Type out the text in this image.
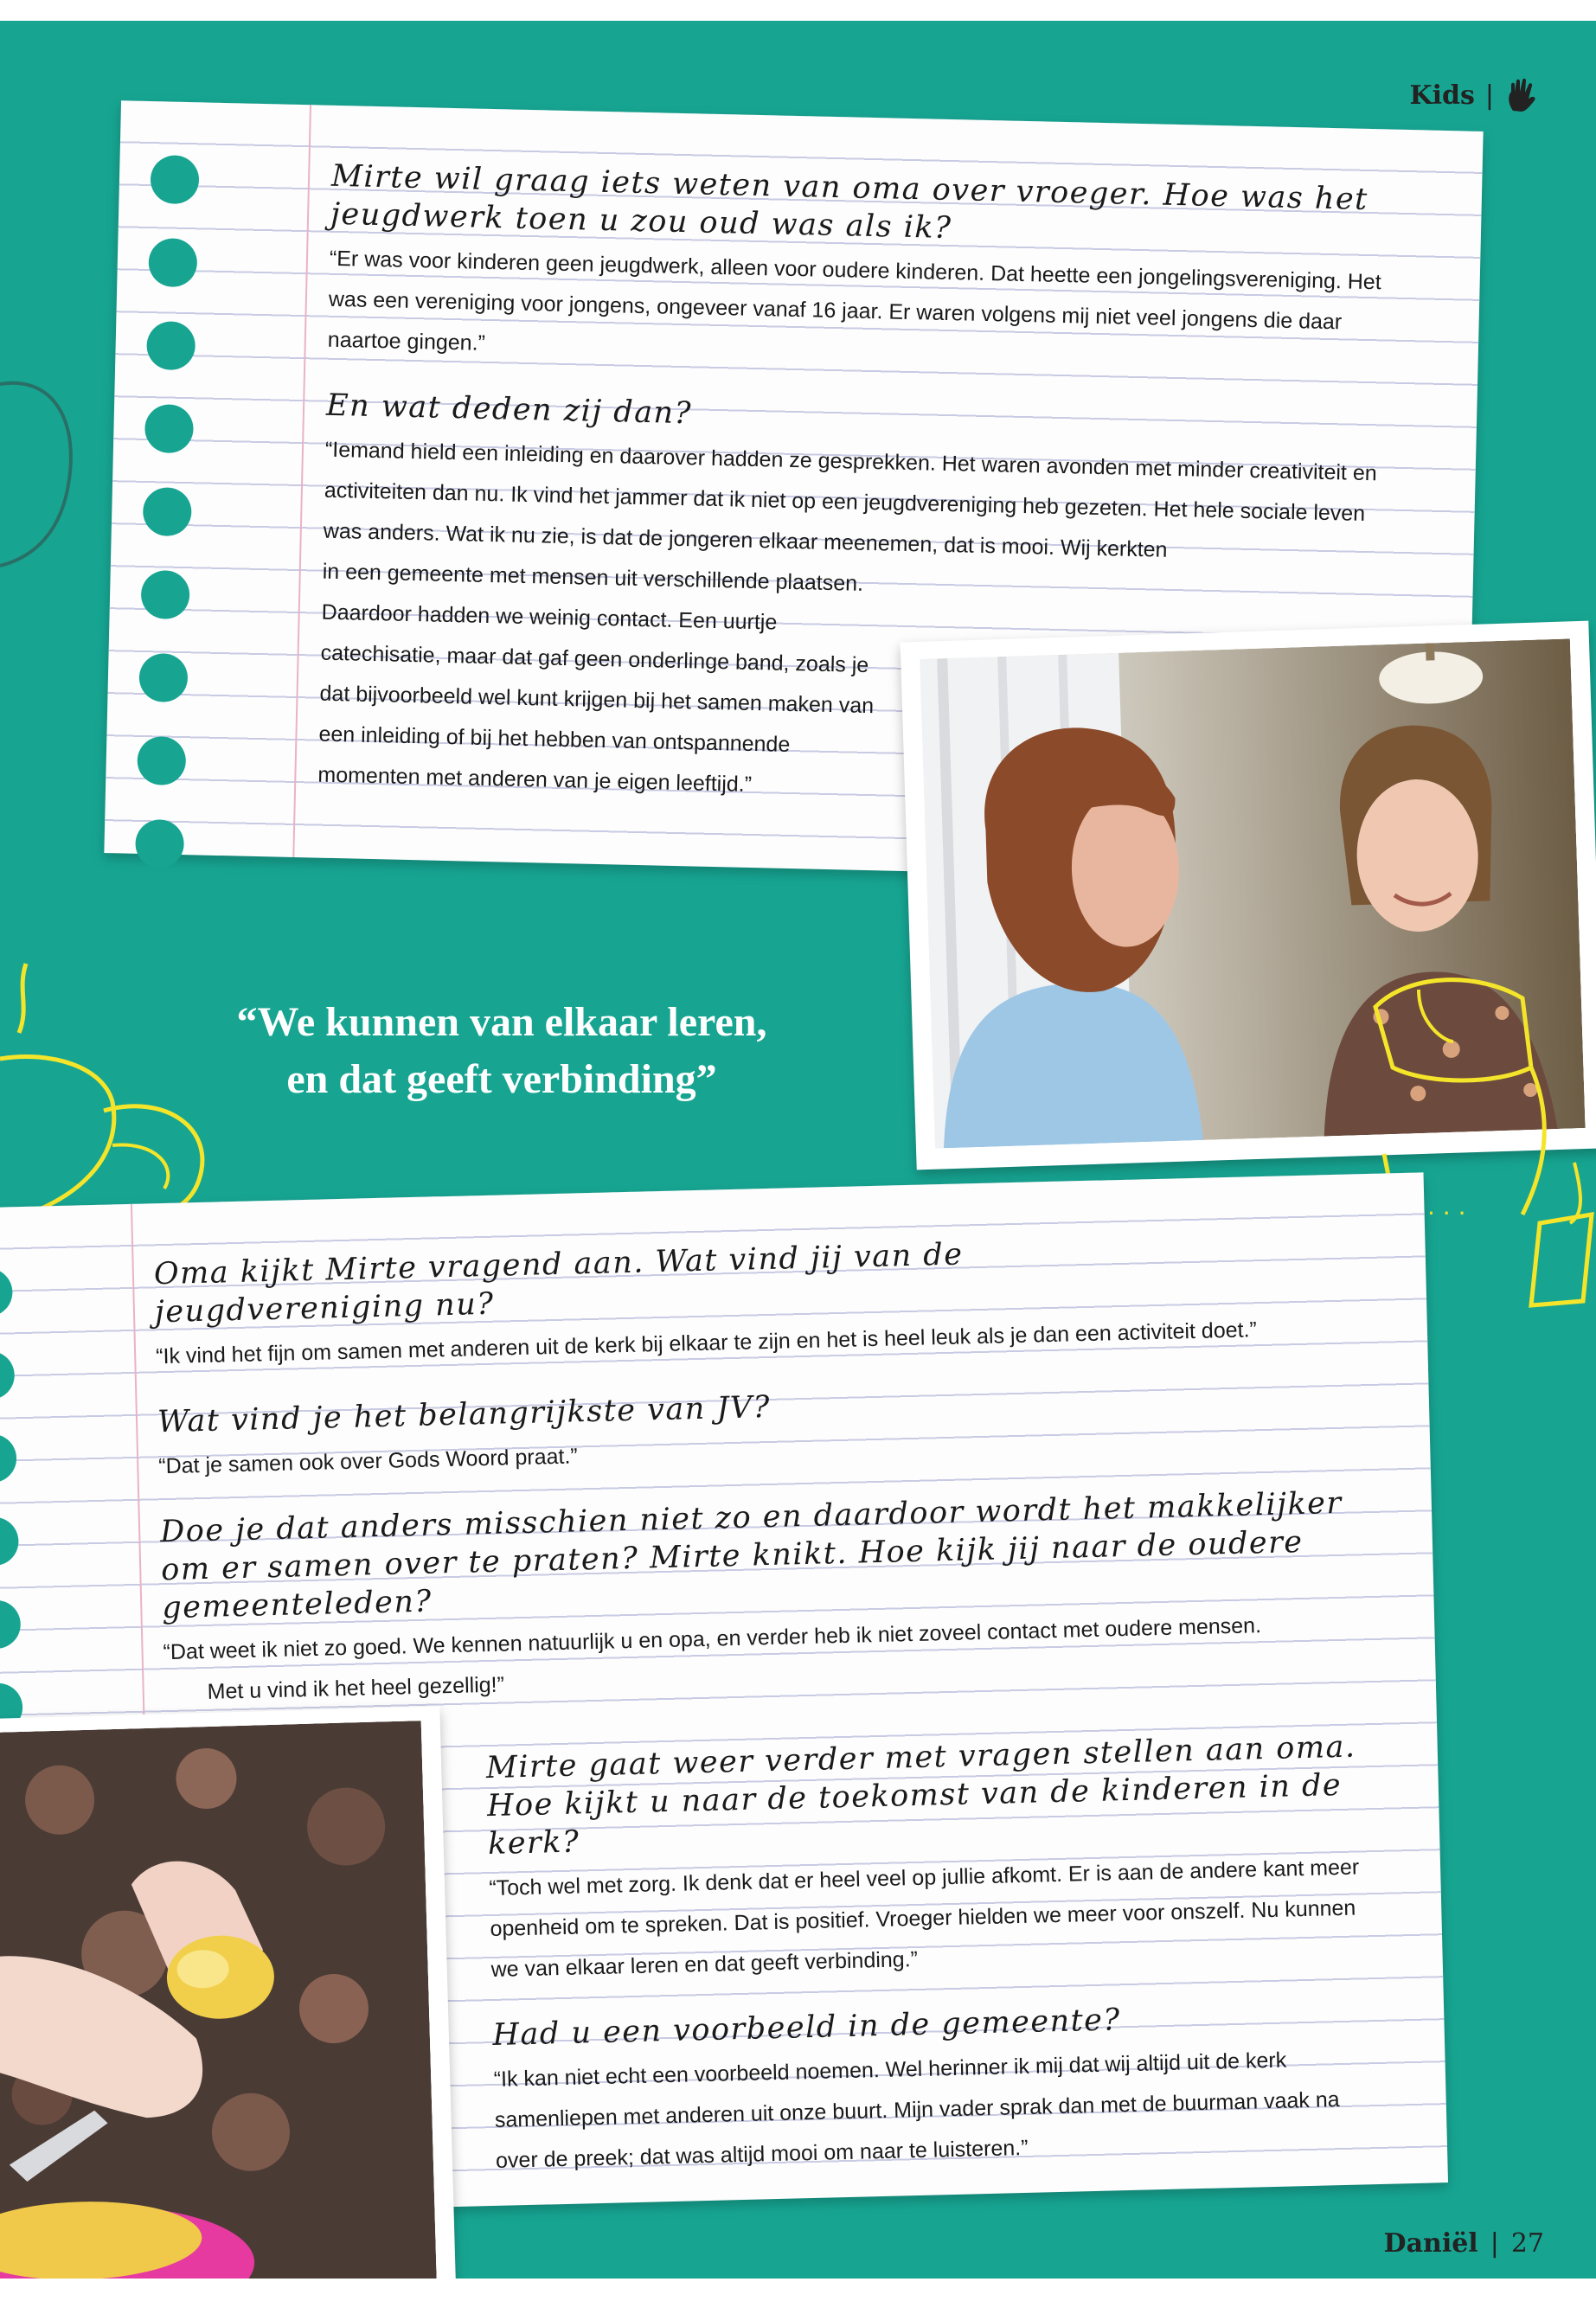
Mirte wil graag iets weten van oma over vroeger. Hoe was het jeugdwerk toen u zou oud was als ik?

“Er was voor kinderen geen jeugdwerk, alleen voor oudere kinderen. Dat heette een jongelingsvereniging. Het was een vereniging voor jongens, ongeveer vanaf 16 jaar. Er waren volgens mij niet veel jongens die daar naartoe gingen.”

En wat deden zij dan?

“Iemand hield een inleiding en daarover hadden ze gesprekken. Het waren avonden met minder creativiteit en activiteiten dan nu. Ik vind het jammer dat ik niet op een jeugdvereniging heb gezeten. Het hele sociale leven was anders. Wat ik nu zie, is dat de jongeren elkaar meenemen, dat is mooi. Wij kerkten

in een gemeente met mensen uit verschillende plaatsen. Daardoor hadden we weinig contact. Een uurtje catechisatie, maar dat gaf geen onderlinge band, zoals je dat bijvoorbeeld wel kunt krijgen bij het samen maken van een inleiding of bij het hebben van ontspannende momenten met anderen van je eigen leeftijd.”

. . .
“We kunnen van elkaar leren,
en dat geeft verbinding”

Oma kijkt Mirte vragend aan. Wat vind jij van de jeugdvereniging nu?

“Ik vind het fijn om samen met anderen uit de kerk bij elkaar te zijn en het is heel leuk als je dan een activiteit doet.”

Wat vind je het belangrijkste van JV?

“Dat je samen ook over Gods Woord praat.”

Doe je dat anders misschien niet zo en daardoor wordt het makkelijker om er samen over te praten? Mirte knikt. Hoe kijk jij naar de oudere gemeenteleden?

“Dat weet ik niet zo goed. We kennen natuurlijk u en opa, en verder heb ik niet zoveel contact met oudere mensen.

Met u vind ik het heel gezellig!”

Mirte gaat weer verder met vragen stellen aan oma. Hoe kijkt u naar de toekomst van de kinderen in de kerk?

“Toch wel met zorg. Ik denk dat er heel veel op jullie afkomt. Er is aan de andere kant meer openheid om te spreken. Dat is positief. Vroeger hielden we meer voor onszelf. Nu kunnen we van elkaar leren en dat geeft verbinding.”

Had u een voorbeeld in de gemeente?

“Ik kan niet echt een voorbeeld noemen. Wel herinner ik mij dat wij altijd uit de kerk samenliepen met anderen uit onze buurt. Mijn vader sprak dan met de buurman vaak na over de preek; dat was altijd mooi om naar te luisteren.”

Kids |
Daniël | 27
